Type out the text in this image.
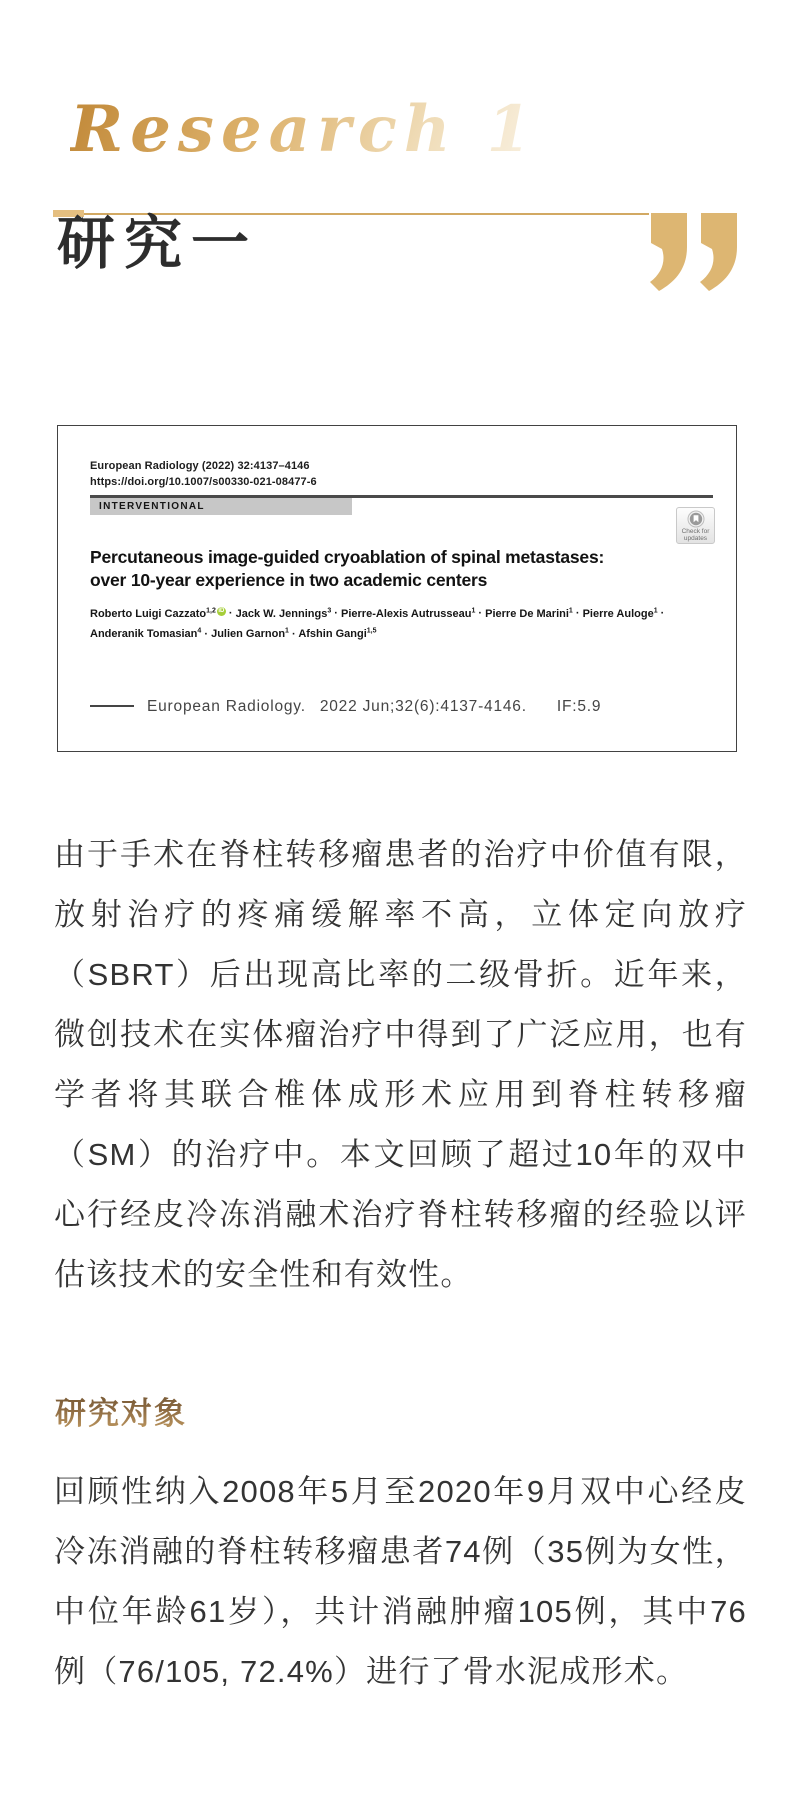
Research 1
研究一
European Radiology (2022) 32:4137–4146
https://doi.org/10.1007/s00330-021-08477-6
INTERVENTIONAL
Check for
updates
Percutaneous image-guided cryoablation of spinal metastases:
over 10-year experience in two academic centers
Roberto Luigi Cazzato$^{1,2}$ iD · Jack W. Jennings$^3$ · Pierre-Alexis Autrusseau$^1$ · Pierre De Marini$^1$ · Pierre Auloge$^1$ · Anderanik Tomasian$^4$ · Julien Garnon$^1$ · Afshin Gangi$^{1,5}$
European Radiology. 2022 Jun;32(6):4137-4146. IF:5.9
由于手术在脊柱转移瘤患者的治疗中价值有限，放射治疗的疼痛缓解率不高，立体定向放疗（SBRT）后出现高比率的二级骨折。近年来，微创技术在实体瘤治疗中得到了广泛应用，也有学者将其联合椎体成形术应用到脊柱转移瘤（SM）的治疗中。本文回顾了超过10年的双中心行经皮冷冻消融术治疗脊柱转移瘤的经验以评估该技术的安全性和有效性。
研究对象
回顾性纳入2008年5月至2020年9月双中心经皮冷冻消融的脊柱转移瘤患者74例（35例为女性，中位年龄61岁），共计消融肿瘤105例，其中76例（76/105, 72.4%）进行了骨水泥成形术。
